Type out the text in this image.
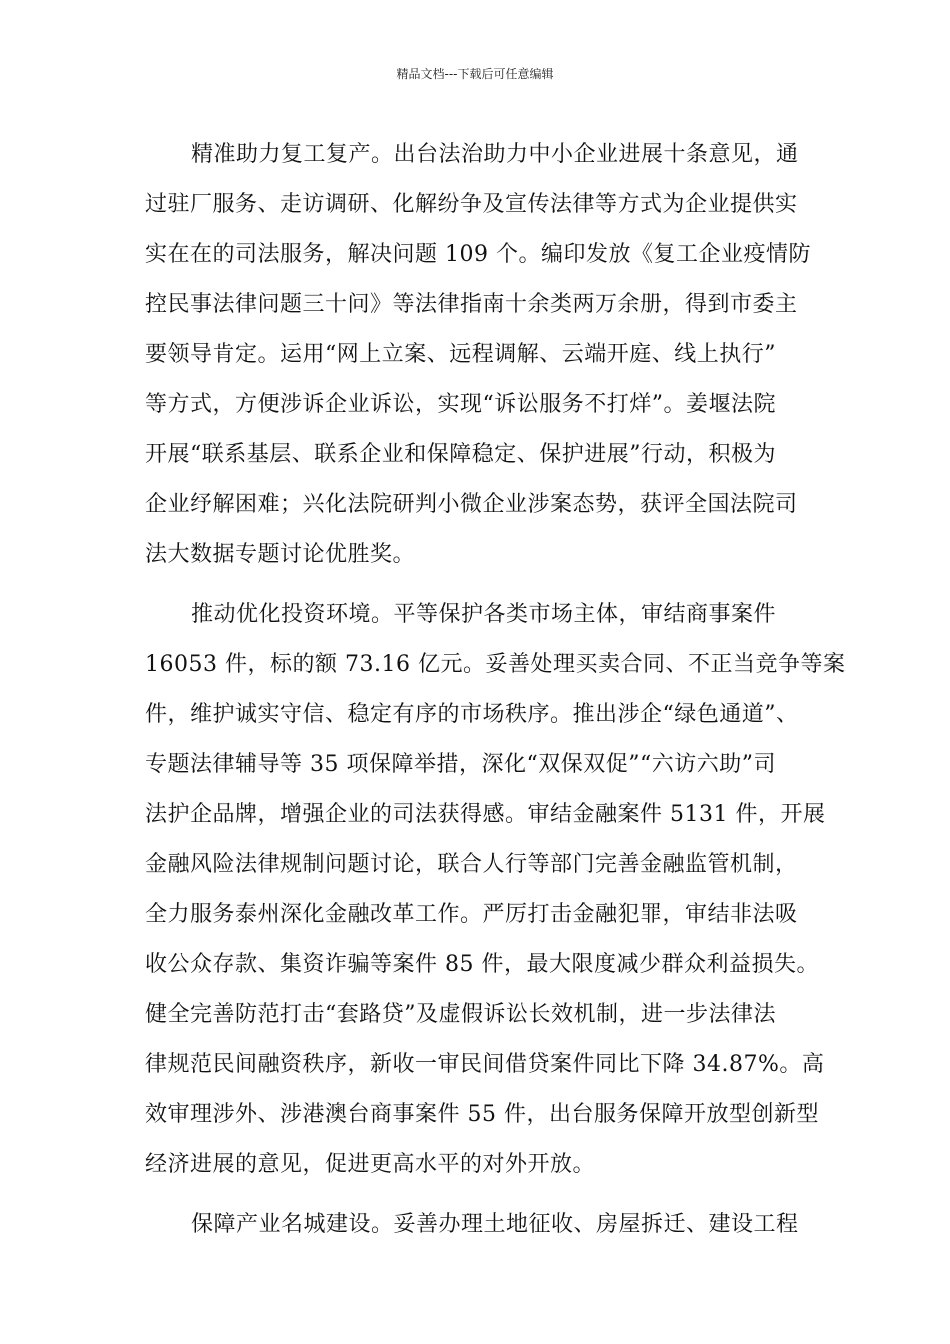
精品文档---下载后可任意编辑
精准助力复工复产。出台法治助力中小企业进展十条意见，通
过驻厂服务、走访调研、化解纷争及宣传法律等方式为企业提供实
实在在的司法服务，解决问题 109 个。编印发放《复工企业疫情防
控民事法律问题三十问》等法律指南十余类两万余册，得到市委主
要领导肯定。运用“网上立案、远程调解、云端开庭、线上执行”
等方式，方便涉诉企业诉讼，实现“诉讼服务不打烊”。姜堰法院
开展“联系基层、联系企业和保障稳定、保护进展”行动，积极为
企业纾解困难；兴化法院研判小微企业涉案态势，获评全国法院司
法大数据专题讨论优胜奖。
推动优化投资环境。平等保护各类市场主体，审结商事案件
16053 件，标的额 73.16 亿元。妥善处理买卖合同、不正当竞争等案
件，维护诚实守信、稳定有序的市场秩序。推出涉企“绿色通道”、
专题法律辅导等 35 项保障举措，深化“双保双促”“六访六助”司
法护企品牌，增强企业的司法获得感。审结金融案件 5131 件，开展
金融风险法律规制问题讨论，联合人行等部门完善金融监管机制，
全力服务泰州深化金融改革工作。严厉打击金融犯罪，审结非法吸
收公众存款、集资诈骗等案件 85 件，最大限度减少群众利益损失。
健全完善防范打击“套路贷”及虚假诉讼长效机制，进一步法律法
律规范民间融资秩序，新收一审民间借贷案件同比下降 34.87%。高
效审理涉外、涉港澳台商事案件 55 件，出台服务保障开放型创新型
经济进展的意见，促进更高水平的对外开放。
保障产业名城建设。妥善办理土地征收、房屋拆迁、建设工程
